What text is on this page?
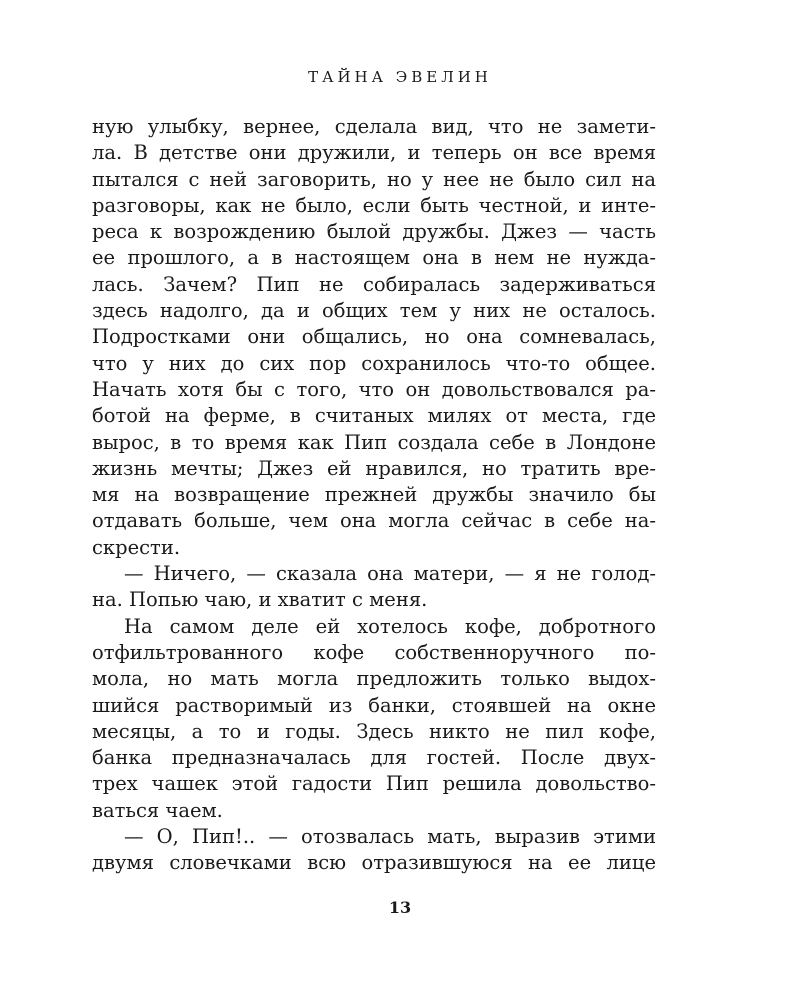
ТАЙНА ЭВЕЛИН
ную улыбку, вернее, сделала вид, что не замети-
ла. В детстве они дружили, и теперь он все время
пытался с ней заговорить, но у нее не было сил на
разговоры, как не было, если быть честной, и инте-
реса к возрождению былой дружбы. Джез — часть
ее прошлого, а в настоящем она в нем не нужда-
лась. Зачем? Пип не собиралась задерживаться
здесь надолго, да и общих тем у них не осталось.
Подростками они общались, но она сомневалась,
что у них до сих пор сохранилось что-то общее.
Начать хотя бы с того, что он довольствовался ра-
ботой на ферме, в считаных милях от места, где
вырос, в то время как Пип создала себе в Лондоне
жизнь мечты; Джез ей нравился, но тратить вре-
мя на возвращение прежней дружбы значило бы
отдавать больше, чем она могла сейчас в себе на-
скрести.
— Ничего, — сказала она матери, — я не голод-
на. Попью чаю, и хватит с меня.
На самом деле ей хотелось кофе, добротного
отфильтрованного кофе собственноручного по-
мола, но мать могла предложить только выдох-
шийся растворимый из банки, стоявшей на окне
месяцы, а то и годы. Здесь никто не пил кофе,
банка предназначалась для гостей. После двух-
трех чашек этой гадости Пип решила довольство-
ваться чаем.
— О, Пип!.. — отозвалась мать, выразив этими
двумя словечками всю отразившуюся на ее лице
13
